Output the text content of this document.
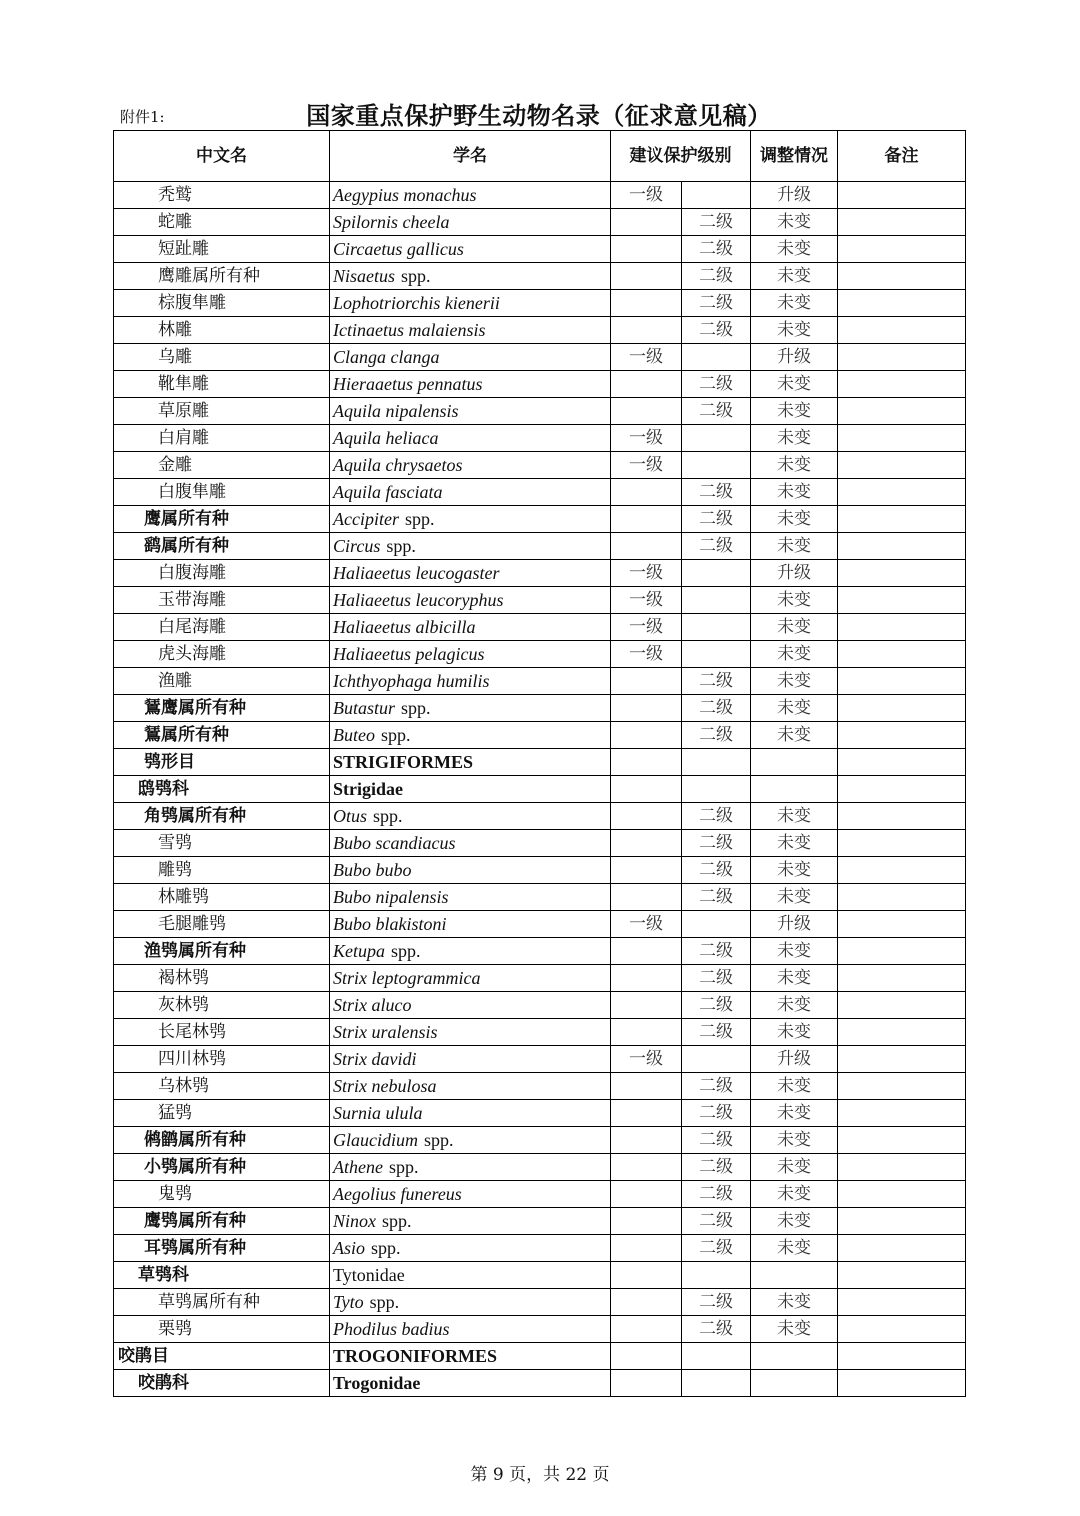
附件1:	国家重点保护野生动物名录（征求意见稿）
中文名	学名	建议保护级别		调整情况	备注
秃鹫	Aegypius monachus	一级		升级	
蛇雕	Spilornis cheela		二级	未变	
短趾雕	Circaetus gallicus		二级	未变	
鹰雕属所有种	Nisaetus spp.		二级	未变	
棕腹隼雕	Lophotriorchis kienerii		二级	未变	
林雕	Ictinaetus malaiensis		二级	未变	
乌雕	Clanga clanga	一级		升级	
靴隼雕	Hieraaetus pennatus		二级	未变	
草原雕	Aquila nipalensis		二级	未变	
白肩雕	Aquila heliaca	一级		未变	
金雕	Aquila chrysaetos	一级		未变	
白腹隼雕	Aquila fasciata		二级	未变	
鹰属所有种	Accipiter spp.		二级	未变	
鹞属所有种	Circus spp.		二级	未变	
白腹海雕	Haliaeetus leucogaster	一级		升级	
玉带海雕	Haliaeetus leucoryphus	一级		未变	
白尾海雕	Haliaeetus albicilla	一级		未变	
虎头海雕	Haliaeetus pelagicus	一级		未变	
渔雕	Ichthyophaga humilis		二级	未变	
鵟鹰属所有种	Butastur spp.		二级	未变	
鵟属所有种	Buteo spp.		二级	未变	
鸮形目	STRIGIFORMES				
鸱鸮科	Strigidae				
角鸮属所有种	Otus spp.		二级	未变	
雪鸮	Bubo scandiacus		二级	未变	
雕鸮	Bubo bubo		二级	未变	
林雕鸮	Bubo nipalensis		二级	未变	
毛腿雕鸮	Bubo blakistoni	一级		升级	
渔鸮属所有种	Ketupa spp.		二级	未变	
褐林鸮	Strix leptogrammica		二级	未变	
灰林鸮	Strix aluco		二级	未变	
长尾林鸮	Strix uralensis		二级	未变	
四川林鸮	Strix davidi	一级		升级	
乌林鸮	Strix nebulosa		二级	未变	
猛鸮	Surnia ulula		二级	未变	
鸺鹠属所有种	Glaucidium spp.		二级	未变	
小鸮属所有种	Athene spp.		二级	未变	
鬼鸮	Aegolius funereus		二级	未变	
鹰鸮属所有种	Ninox spp.		二级	未变	
耳鸮属所有种	Asio spp.		二级	未变	
草鸮科	Tytonidae				
草鸮属所有种	Tyto spp.		二级	未变	
栗鸮	Phodilus badius		二级	未变	
咬鹃目	TROGONIFORMES				
咬鹃科	Trogonidae				
第 9 页，共 22 页
